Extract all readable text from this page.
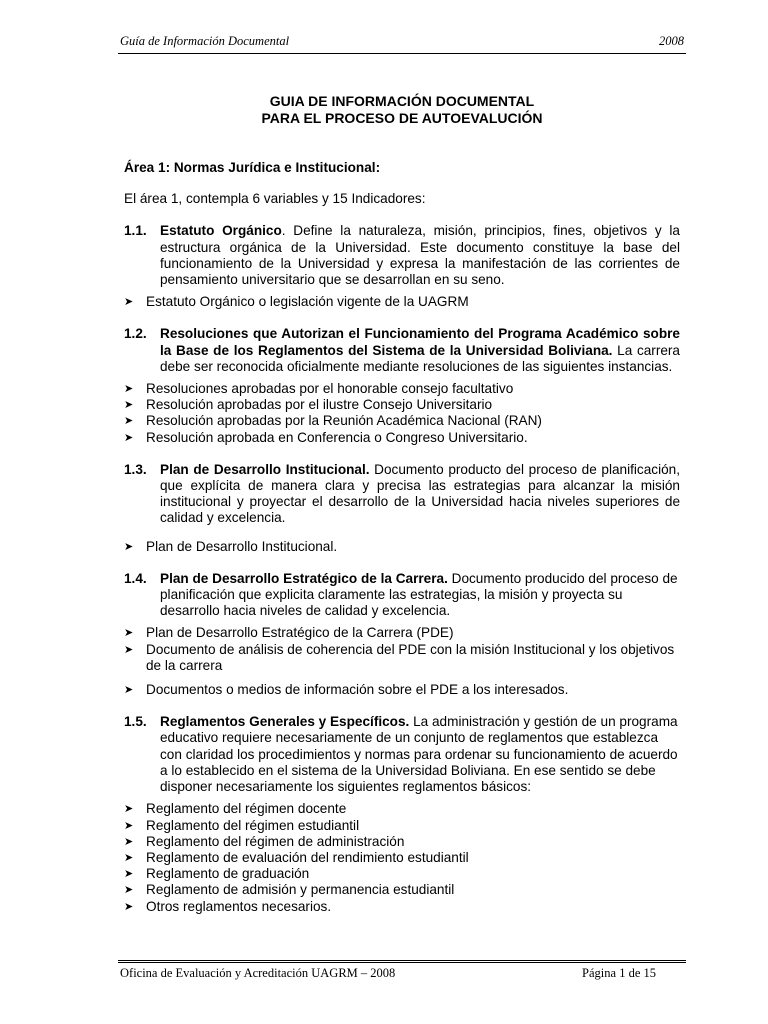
Guía de Información Documental	2008
GUIA DE INFORMACIÓN DOCUMENTAL
PARA EL PROCESO DE AUTOEVALUCIÓN
Área 1: Normas Jurídica e Institucional:
El área 1, contempla 6 variables y 15 Indicadores:
1.1. Estatuto Orgánico. Define la naturaleza, misión, principios, fines, objetivos y la estructura orgánica de la Universidad. Este documento constituye la base del funcionamiento de la Universidad y expresa la manifestación de las corrientes de pensamiento universitario que se desarrollan en su seno.
➤ Estatuto Orgánico o legislación vigente de la UAGRM
1.2. Resoluciones que Autorizan el Funcionamiento del Programa Académico sobre la Base de los Reglamentos del Sistema de la Universidad Boliviana. La carrera debe ser reconocida oficialmente mediante resoluciones de las siguientes instancias.
➤ Resoluciones aprobadas por el honorable consejo facultativo
➤ Resolución aprobadas por el ilustre Consejo Universitario
➤ Resolución aprobadas por la Reunión Académica Nacional (RAN)
➤ Resolución aprobada en Conferencia o Congreso Universitario.
1.3. Plan de Desarrollo Institucional. Documento producto del proceso de planificación, que explícita de manera clara y precisa las estrategias para alcanzar la misión institucional y proyectar el desarrollo de la Universidad hacia niveles superiores de calidad y excelencia.
➤ Plan de Desarrollo Institucional.
1.4. Plan de Desarrollo Estratégico de la Carrera. Documento producido del proceso de planificación que explicita claramente las estrategias, la misión y proyecta su desarrollo hacia niveles de calidad y excelencia.
➤ Plan de Desarrollo Estratégico de la Carrera (PDE)
➤ Documento de análisis de coherencia del PDE con la misión Institucional y los objetivos de la carrera
➤ Documentos o medios de información sobre el PDE a los interesados.
1.5. Reglamentos Generales y Específicos. La administración y gestión de un programa educativo requiere necesariamente de un conjunto de reglamentos que establezca con claridad los procedimientos y normas para ordenar su funcionamiento de acuerdo a lo establecido en el sistema de la Universidad Boliviana. En ese sentido se debe disponer necesariamente los siguientes reglamentos básicos:
➤ Reglamento del régimen docente
➤ Reglamento del régimen estudiantil
➤ Reglamento del régimen de administración
➤ Reglamento de evaluación del rendimiento estudiantil
➤ Reglamento de graduación
➤ Reglamento de admisión y permanencia estudiantil
➤ Otros reglamentos necesarios.
Oficina de Evaluación y Acreditación UAGRM – 2008	Página 1 de 15
